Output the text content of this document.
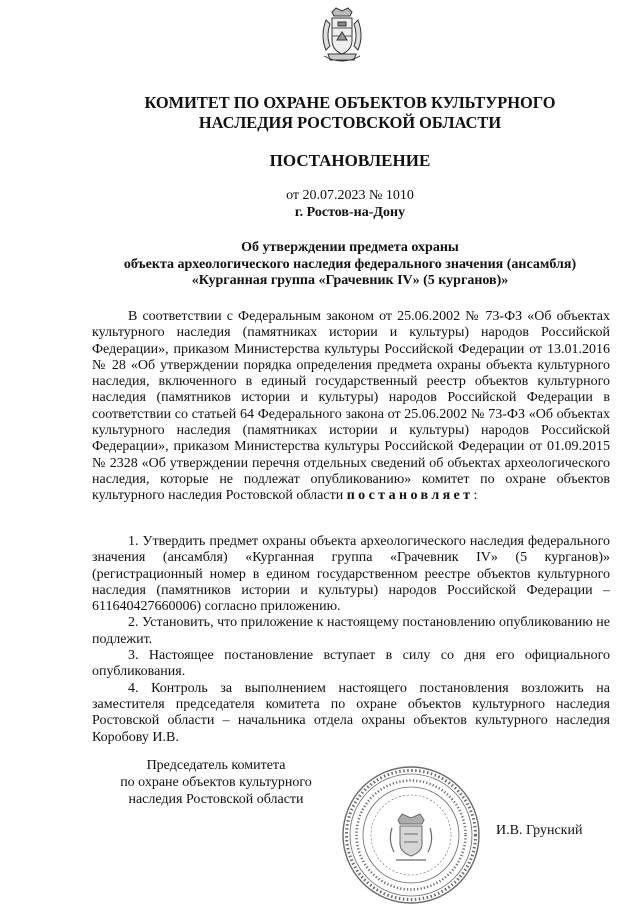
КОМИТЕТ ПО ОХРАНЕ ОБЪЕКТОВ КУЛЬТУРНОГО
НАСЛЕДИЯ РОСТОВСКОЙ ОБЛАСТИ
ПОСТАНОВЛЕНИЕ
от 20.07.2023 № 1010
г. Ростов-на-Дону
Об утверждении предмета охраны
объекта археологического наследия федерального значения (ансамбля)
«Курганная группа «Грачевник IV» (5 курганов)»

В соответствии с Федеральным законом от 25.06.2002 № 73-ФЗ «Об объектах культурного наследия (памятниках истории и культуры) народов Российской Федерации», приказом Министерства культуры Российской Федерации от 13.01.2016 № 28 «Об утверждении порядка определения предмета охраны объекта культурного наследия, включенного в единый государственный реестр объектов культурного наследия (памятников истории и культуры) народов Российской Федерации в соответствии со статьей 64 Федерального закона от 25.06.2002 № 73-ФЗ «Об объектах культурного наследия (памятниках истории и культуры) народов Российской Федерации», приказом Министерства культуры Российской Федерации от 01.09.2015 № 2328 «Об утверждении перечня отдельных сведений об объектах археологического наследия, которые не подлежат опубликованию» комитет по охране объектов культурного наследия Ростовской области постановляет:

1. Утвердить предмет охраны объекта археологического наследия федерального значения (ансамбля) «Курганная группа «Грачевник IV» (5 курганов)» (регистрационный номер в едином государственном реестре объектов культурного наследия (памятников истории и культуры) народов Российской Федерации – 611640427660006) согласно приложению.

2. Установить, что приложение к настоящему постановлению опубликованию не подлежит.

3. Настоящее постановление вступает в силу со дня его официального опубликования.

4. Контроль за выполнением настоящего постановления возложить на заместителя председателя комитета по охране объектов культурного наследия Ростовской области – начальника отдела охраны объектов культурного наследия Коробову И.В.

Председатель комитета
по охране объектов культурного
наследия Ростовской области
И.В. Грунский
